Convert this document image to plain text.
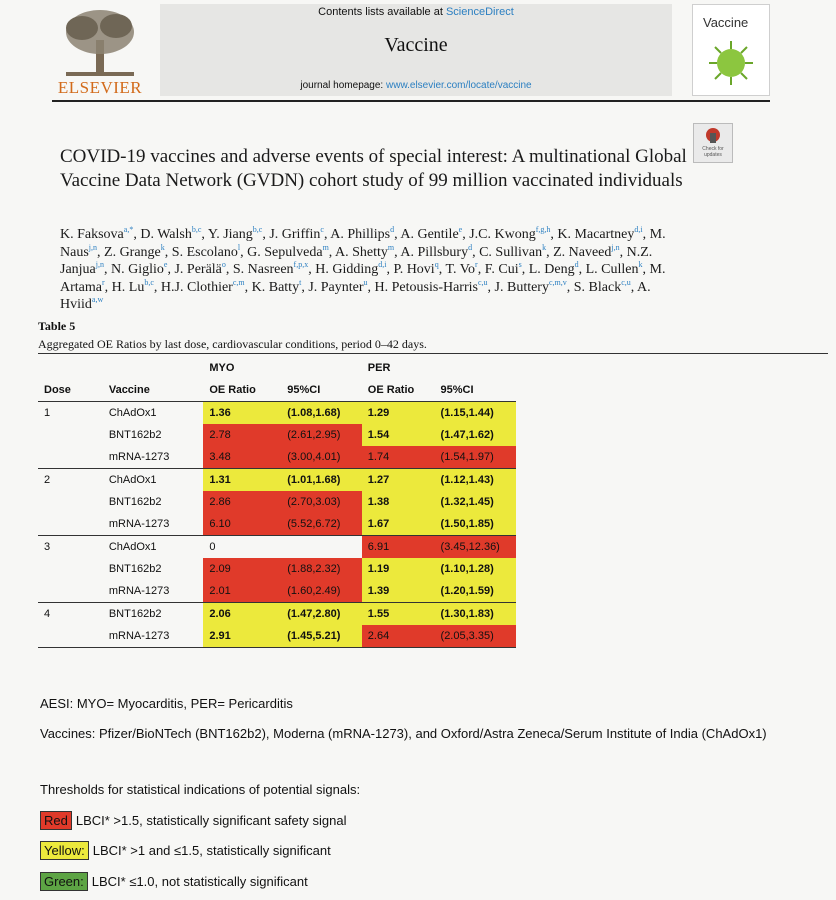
ELSEVIER
Contents lists available at ScienceDirect
Vaccine
journal homepage: www.elsevier.com/locate/vaccine
Vaccine
Check for updates
COVID-19 vaccines and adverse events of special interest: A multinational Global Vaccine Data Network (GVDN) cohort study of 99 million vaccinated individuals
K. Faksova$^{a,*}$, D. Walsh$^{b,c}$, Y. Jiang$^{b,c}$, J. Griffin$^c$, A. Phillips$^d$, A. Gentile$^e$, J.C. Kwong$^{f,g,h}$, K. Macartney$^{d,i}$, M. Naus$^{j,n}$, Z. Grange$^k$, S. Escolano$^l$, G. Sepulveda$^m$, A. Shetty$^m$, A. Pillsbury$^d$, C. Sullivan$^k$, Z. Naveed$^{j,n}$, N.Z. Janjua$^{j,n}$, N. Giglio$^e$, J. Perälä$^o$, S. Nasreen$^{f,p,x}$, H. Gidding$^{d,i}$, P. Hovi$^q$, T. Vo$^r$, F. Cui$^s$, L. Deng$^d$, L. Cullen$^k$, M. Artama$^r$, H. Lu$^{b,c}$, H.J. Clothier$^{c,m}$, K. Batty$^t$, J. Paynter$^u$, H. Petousis-Harris$^{c,u}$, J. Buttery$^{c,m,v}$, S. Black$^{c,u}$, A. Hviid$^{a,w}$
Table 5
Aggregated OE Ratios by last dose, cardiovascular conditions, period 0–42 days.
		MYO		PER	
Dose	Vaccine	OE Ratio	95%CI	OE Ratio	95%CI
1	ChAdOx1	1.36	(1.08,1.68)	1.29	(1.15,1.44)
	BNT162b2	2.78	(2.61,2.95)	1.54	(1.47,1.62)
	mRNA-1273	3.48	(3.00,4.01)	1.74	(1.54,1.97)
2	ChAdOx1	1.31	(1.01,1.68)	1.27	(1.12,1.43)
	BNT162b2	2.86	(2.70,3.03)	1.38	(1.32,1.45)
	mRNA-1273	6.10	(5.52,6.72)	1.67	(1.50,1.85)
3	ChAdOx1	0		6.91	(3.45,12.36)
	BNT162b2	2.09	(1.88,2.32)	1.19	(1.10,1.28)
	mRNA-1273	2.01	(1.60,2.49)	1.39	(1.20,1.59)
4	BNT162b2	2.06	(1.47,2.80)	1.55	(1.30,1.83)
	mRNA-1273	2.91	(1.45,5.21)	2.64	(2.05,3.35)
AESI: MYO= Myocarditis, PER= Pericarditis
Vaccines: Pfizer/BioNTech (BNT162b2), Moderna (mRNA-1273), and Oxford/Astra Zeneca/Serum Institute of India (ChAdOx1)
Thresholds for statistical indications of potential signals:
Red LBCI* >1.5, statistically significant safety signal
Yellow: LBCI* >1 and ≤1.5, statistically significant
Green: LBCI* ≤1.0, not statistically significant
